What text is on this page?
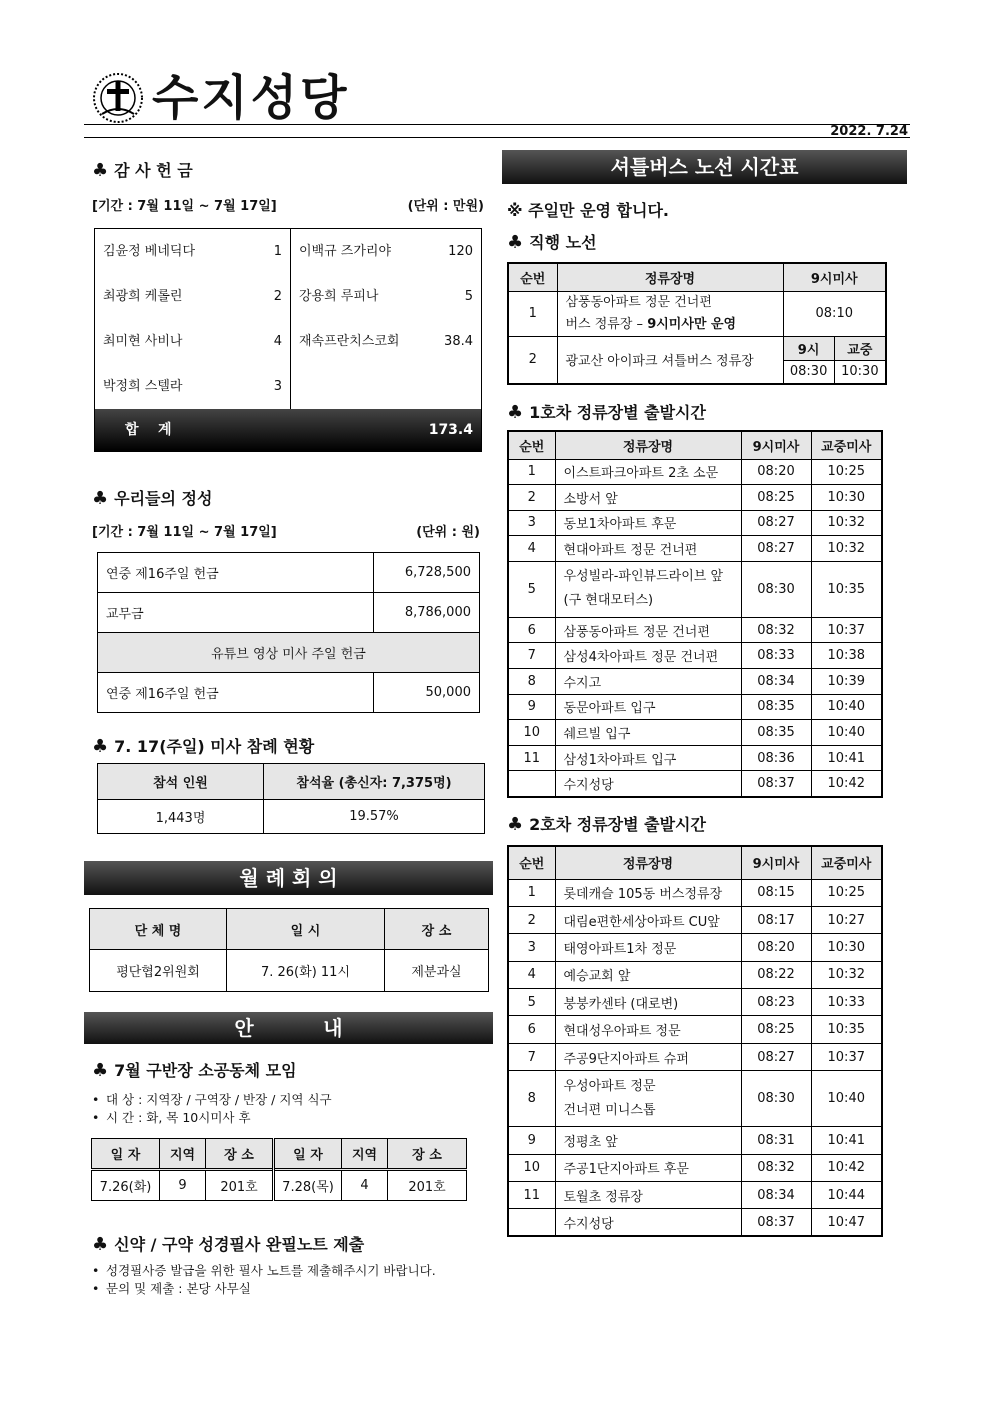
수지성당
2022. 7.24
♣ 감 사 헌 금
[기간 : 7월 11일 ~ 7월 17일]	(단위 : 만원)
김윤정 베네딕다	1
최광희 케롤린	2
최미현 사비나	4
박정희 스텔라	3
이백규 즈가리야	120
강용희 루피나	5
재속프란치스코회	38.4
합    계	173.4
♣ 우리들의 정성
[기간 : 7월 11일 ~ 7월 17일]	(단위 : 원)
연중 제16주일 헌금	6,728,500
교무금	8,786,000
유튜브 영상 미사 주일 헌금	
연중 제16주일 헌금	50,000
♣ 7. 17(주일) 미사 참례 현황
참석 인원	참석율 (총신자: 7,375명)
1,443명	19.57%
월 례 회 의
단 체 명	일 시	장 소
평단협2위원회	7. 26(화) 11시	제분과실
안          내
♣ 7월 구반장 소공동체 모임
• 대 상 : 지역장 / 구역장 / 반장 / 지역 식구
• 시 간 : 화, 목 10시미사 후
일 자	지역	장 소	일 자	지역	장 소
7.26(화)	9	201호	7.28(목)	4	201호
♣ 신약 / 구약 성경필사 완필노트 제출
• 성경필사증 발급을 위한 필사 노트를 제출해주시기 바랍니다.
• 문의 및 제출 : 본당 사무실
셔틀버스 노선 시간표
※ 주일만 운영 합니다.
♣ 직행 노선
순번	정류장명	9시미사	
1	삼풍동아파트 정문 건너편
버스 정류장 – 9시미사만 운영	08:10	
2	광교산 아이파크 셔틀버스 정류장	9시	교중
		08:30	10:30
♣ 1호차 정류장별 출발시간
순번	정류장명	9시미사	교중미사
1	이스트파크아파트 2초 소문	08:20	10:25
2	소방서 앞	08:25	10:30
3	동보1차아파트 후문	08:27	10:32
4	현대아파트 정문 건너편	08:27	10:32
5	우성빌라-파인뷰드라이브 앞
(구 현대모터스)	08:30	10:35
6	삼풍동아파트 정문 건너편	08:32	10:37
7	삼성4차아파트 정문 건너편	08:33	10:38
8	수지고	08:34	10:39
9	동문아파트 입구	08:35	10:40
10	쉐르빌 입구	08:35	10:40
11	삼성1차아파트 입구	08:36	10:41
	수지성당	08:37	10:42
♣ 2호차 정류장별 출발시간
순번	정류장명	9시미사	교중미사
1	롯데캐슬 105동 버스정류장	08:15	10:25
2	대림e편한세상아파트 CU앞	08:17	10:27
3	태영아파트1차 정문	08:20	10:30
4	예승교회 앞	08:22	10:32
5	붕붕카센타 (대로변)	08:23	10:33
6	현대성우아파트 정문	08:25	10:35
7	주공9단지아파트 슈퍼	08:27	10:37
8	우성아파트 정문
건너편 미니스톱	08:30	10:40
9	정평초 앞	08:31	10:41
10	주공1단지아파트 후문	08:32	10:42
11	토월초 정류장	08:34	10:44
	수지성당	08:37	10:47
